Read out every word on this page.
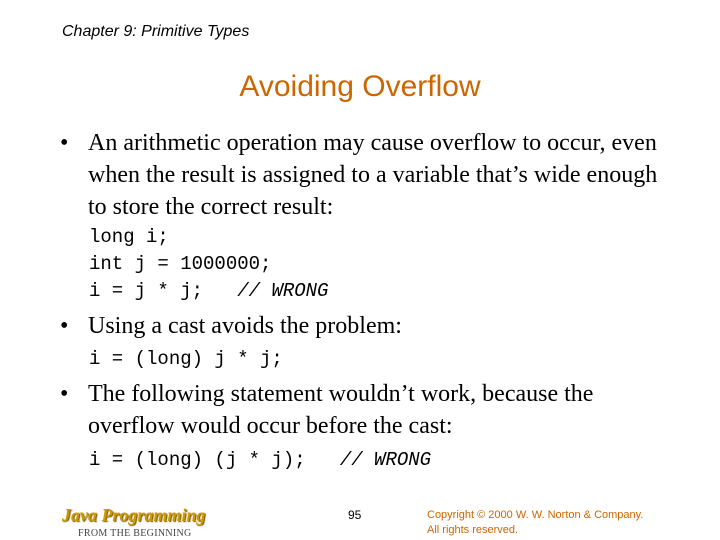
Chapter 9: Primitive Types
Avoiding Overflow
• An arithmetic operation may cause overflow to occur, even when the result is assigned to a variable that’s wide enough to store the correct result:
long i;
int j = 1000000;
i = j * j;   // WRONG
• Using a cast avoids the problem:
i = (long) j * j;
• The following statement wouldn’t work, because the overflow would occur before the cast:
i = (long) (j * j);   // WRONG
Java Programming
FROM THE BEGINNING
95	Copyright © 2000 W. W. Norton & Company.
All rights reserved.
